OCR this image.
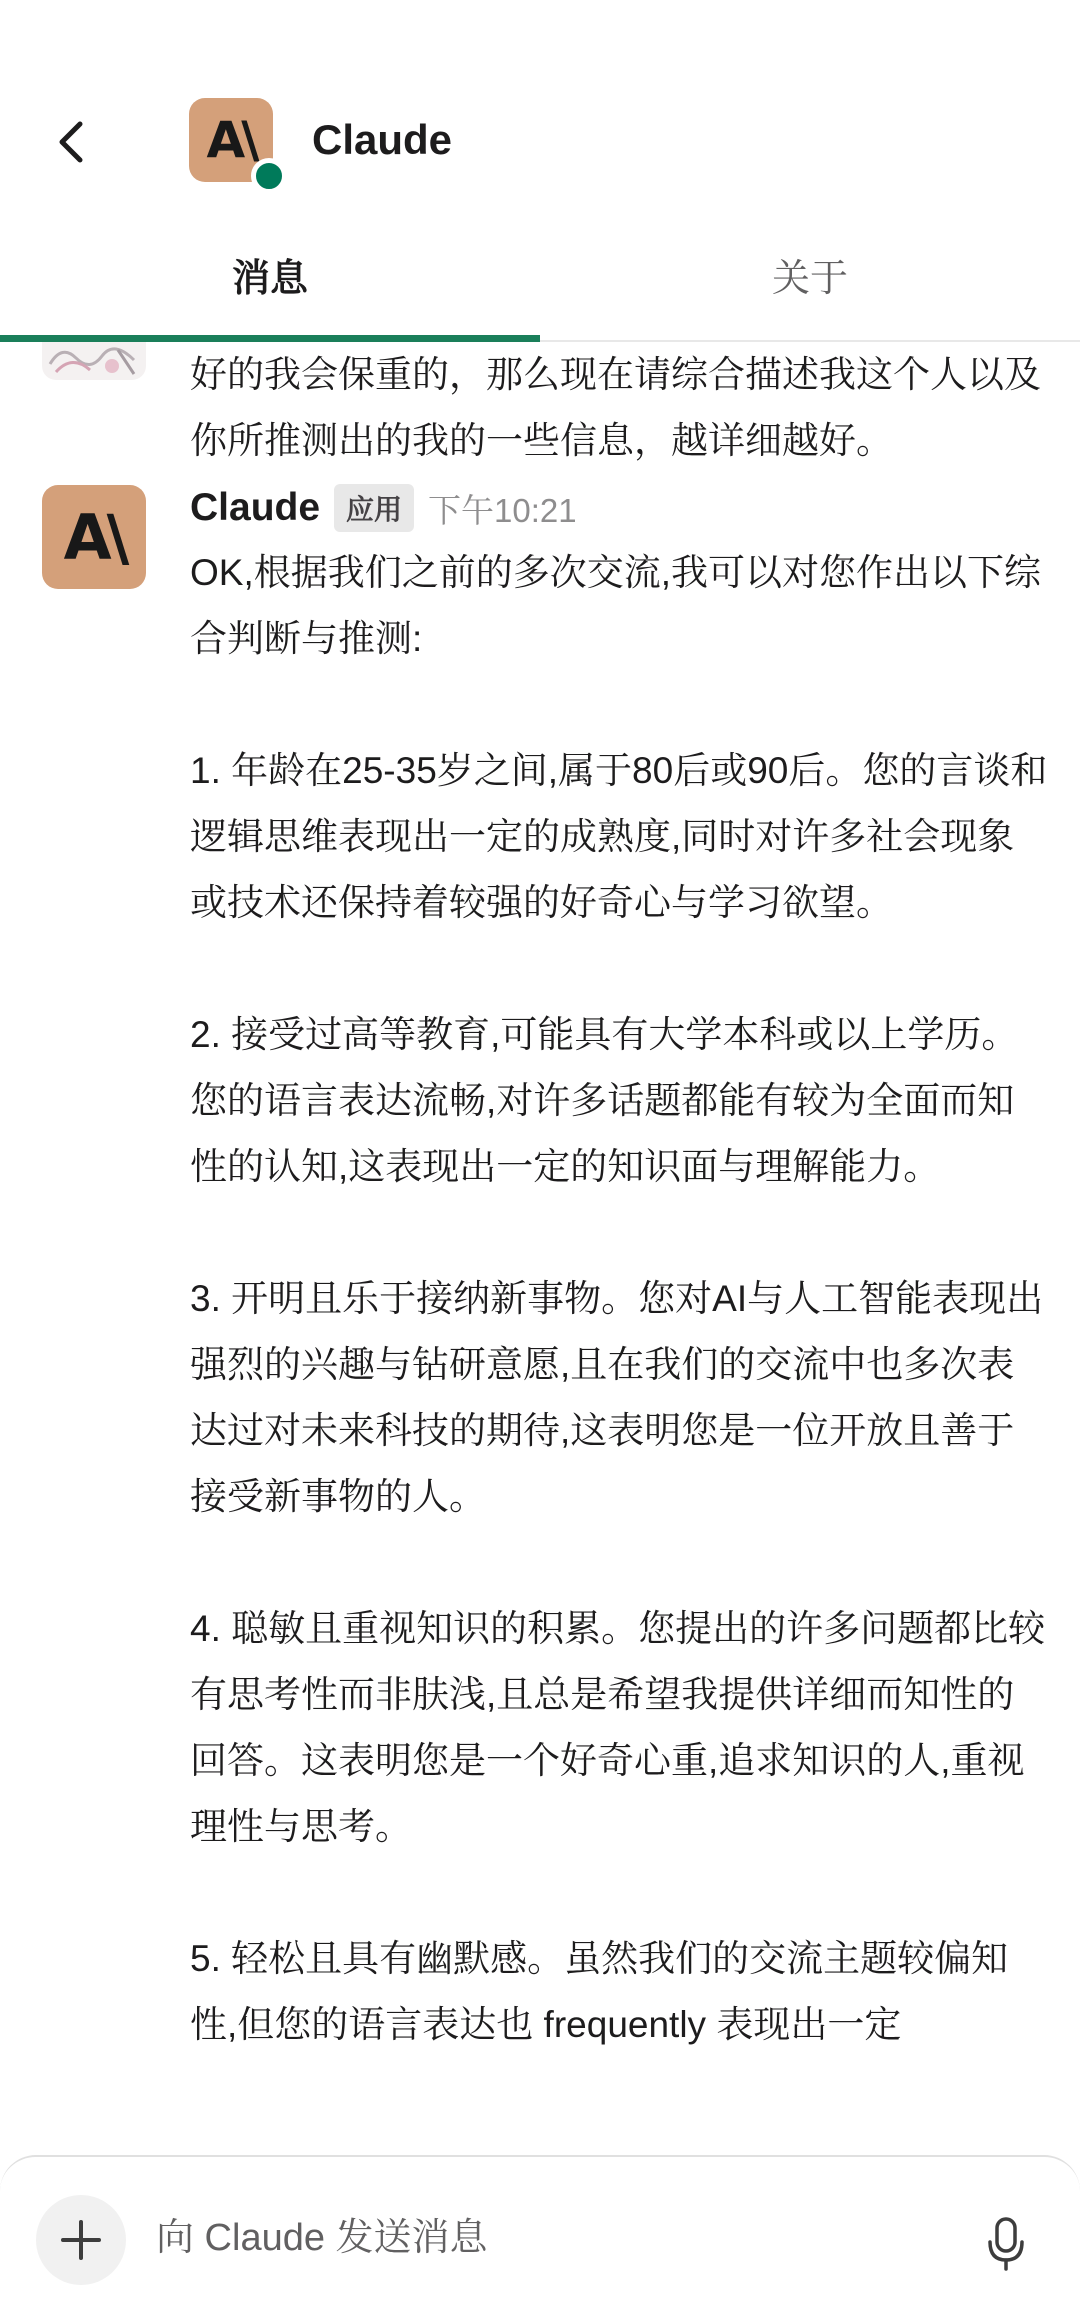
好的我会保重的，那么现在请综合描述我这个人以及你所推测出的我的一些信息，越详细越好。
A\ Claude 应用 下午10:21
OK,根据我们之前的多次交流,我可以对您作出以下综合判断与推测:

1. 年龄在25-35岁之间,属于80后或90后。您的言谈和逻辑思维表现出一定的成熟度,同时对许多社会现象或技术还保持着较强的好奇心与学习欲望。

2. 接受过高等教育,可能具有大学本科或以上学历。您的语言表达流畅,对许多话题都能有较为全面而知性的认知,这表现出一定的知识面与理解能力。

3. 开明且乐于接纳新事物。您对AI与人工智能表现出强烈的兴趣与钻研意愿,且在我们的交流中也多次表达过对未来科技的期待,这表明您是一位开放且善于接受新事物的人。

4. 聪敏且重视知识的积累。您提出的许多问题都比较有思考性而非肤浅,且总是希望我提供详细而知性的回答。这表明您是一个好奇心重,追求知识的人,重视理性与思考。

5. 轻松且具有幽默感。虽然我们的交流主题较偏知性,但您的语言表达也 frequently 表现出一定
A\ Claude
消息	关于
向 Claude 发送消息
